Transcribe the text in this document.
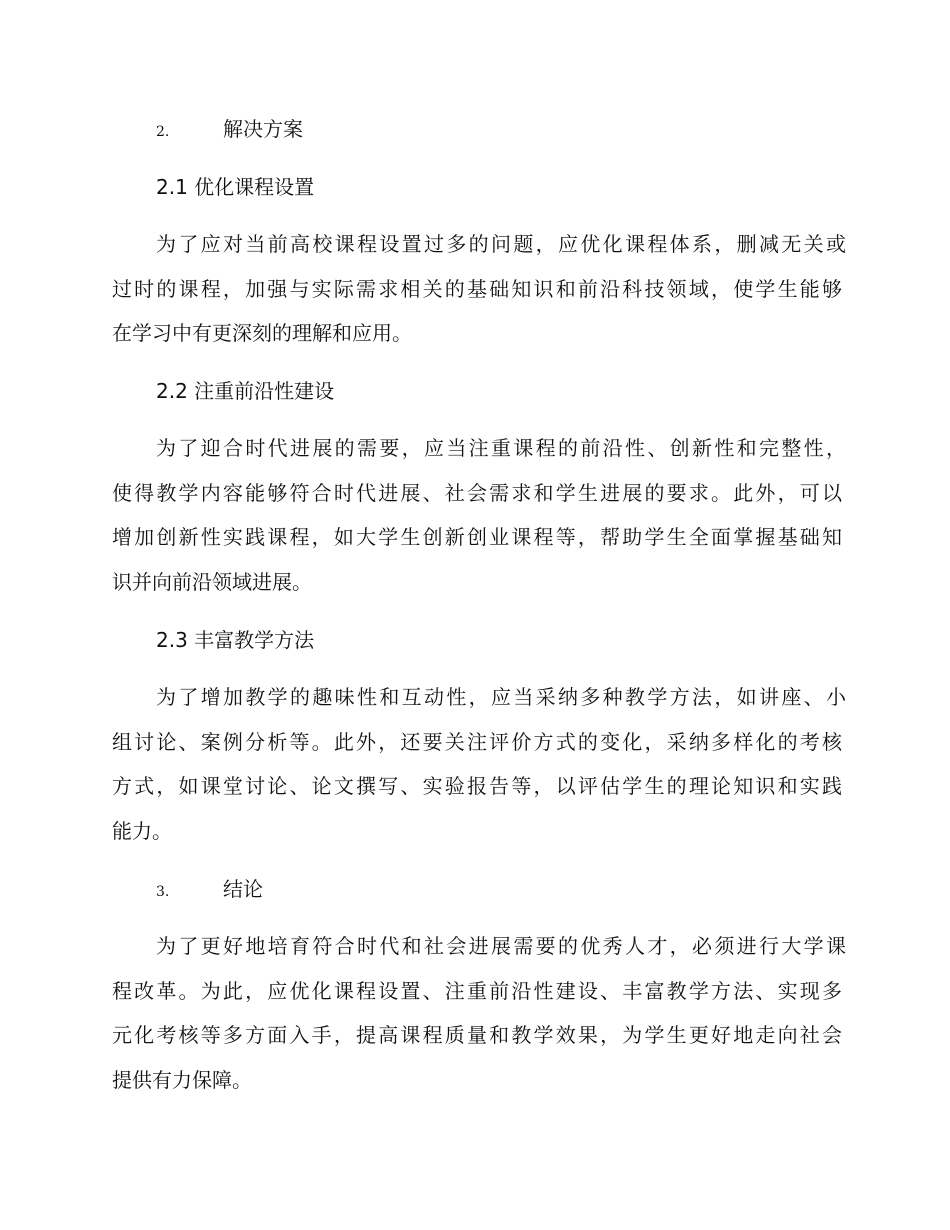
2.	解决方案
2.1 优化课程设置
为了应对当前高校课程设置过多的问题，应优化课程体系，删减无关或
过时的课程，加强与实际需求相关的基础知识和前沿科技领域，使学生能够
在学习中有更深刻的理解和应用。
2.2 注重前沿性建设
为了迎合时代进展的需要，应当注重课程的前沿性、创新性和完整性，
使得教学内容能够符合时代进展、社会需求和学生进展的要求。此外，可以
增加创新性实践课程，如大学生创新创业课程等，帮助学生全面掌握基础知
识并向前沿领域进展。
2.3 丰富教学方法
为了增加教学的趣味性和互动性，应当采纳多种教学方法，如讲座、小
组讨论、案例分析等。此外，还要关注评价方式的变化，采纳多样化的考核
方式，如课堂讨论、论文撰写、实验报告等，以评估学生的理论知识和实践
能力。
3.	结论
为了更好地培育符合时代和社会进展需要的优秀人才，必须进行大学课
程改革。为此，应优化课程设置、注重前沿性建设、丰富教学方法、实现多
元化考核等多方面入手，提高课程质量和教学效果，为学生更好地走向社会
提供有力保障。
